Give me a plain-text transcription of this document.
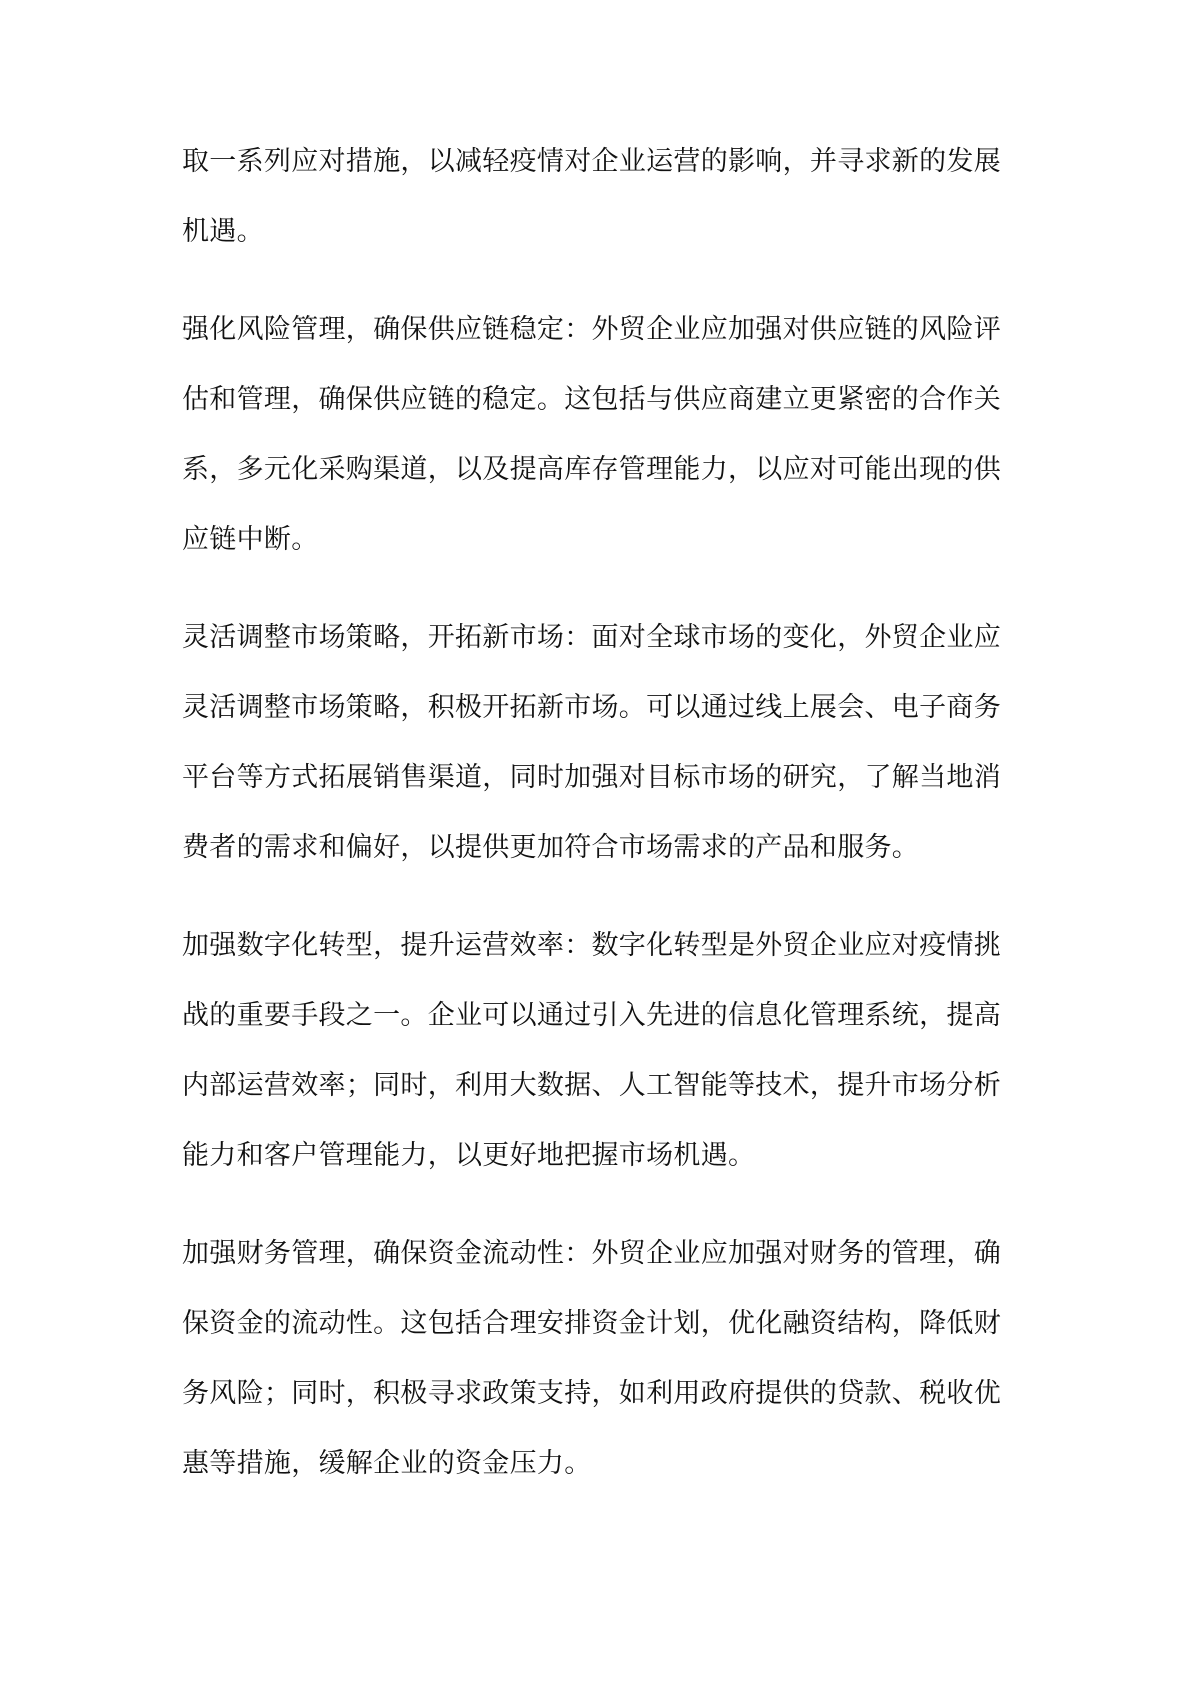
取一系列应对措施，以减轻疫情对企业运营的影响，并寻求新的发展
机遇。
强化风险管理，确保供应链稳定：外贸企业应加强对供应链的风险评
估和管理，确保供应链的稳定。这包括与供应商建立更紧密的合作关
系，多元化采购渠道，以及提高库存管理能力，以应对可能出现的供
应链中断。
灵活调整市场策略，开拓新市场：面对全球市场的变化，外贸企业应
灵活调整市场策略，积极开拓新市场。可以通过线上展会、电子商务
平台等方式拓展销售渠道，同时加强对目标市场的研究，了解当地消
费者的需求和偏好，以提供更加符合市场需求的产品和服务。
加强数字化转型，提升运营效率：数字化转型是外贸企业应对疫情挑
战的重要手段之一。企业可以通过引入先进的信息化管理系统，提高
内部运营效率；同时，利用大数据、人工智能等技术，提升市场分析
能力和客户管理能力，以更好地把握市场机遇。
加强财务管理，确保资金流动性：外贸企业应加强对财务的管理，确
保资金的流动性。这包括合理安排资金计划，优化融资结构，降低财
务风险；同时，积极寻求政策支持，如利用政府提供的贷款、税收优
惠等措施，缓解企业的资金压力。
